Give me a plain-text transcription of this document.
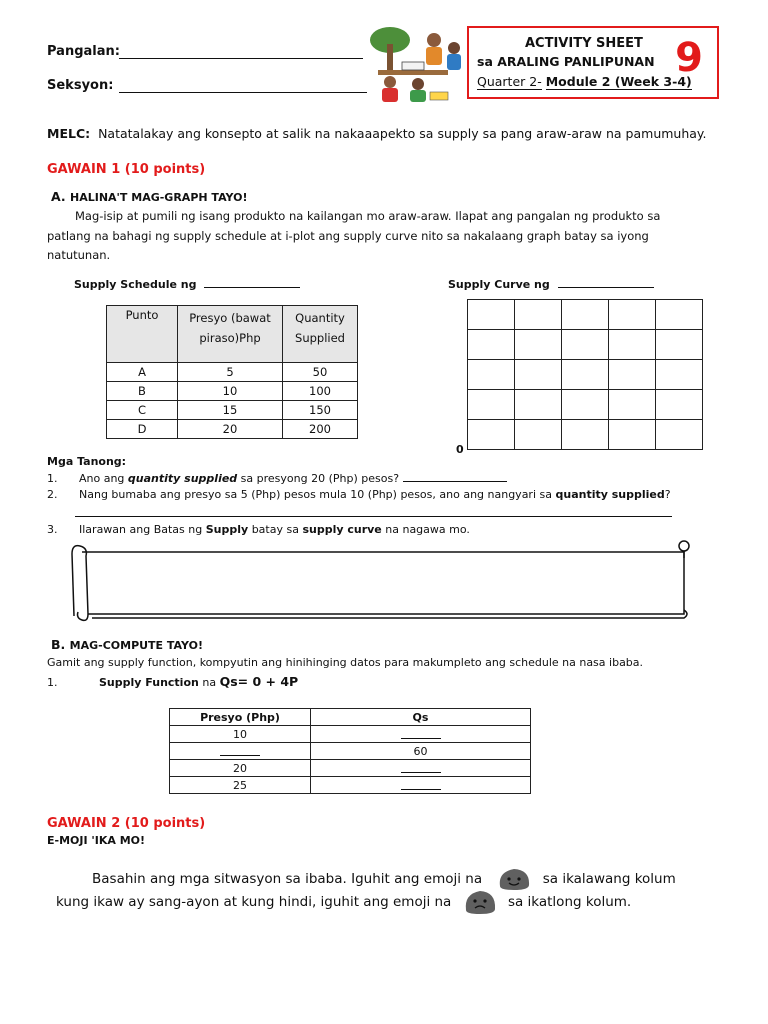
Pangalan:
Seksyon:
ACTIVITY SHEET
sa ARALING PANLIPUNAN
Quarter 2- Module 2 (Week 3-4)
9
MELC: Natatalakay ang konsepto at salik na nakaaapekto sa supply sa pang araw-araw na pamumuhay.
GAWAIN 1 (10 points)
A. HALINA'T MAG-GRAPH TAYO!
Mag-isip at pumili ng isang produkto na kailangan mo araw-araw. Ilapat ang pangalan ng produkto sa
patlang na bahagi ng supply schedule at i-plot ang supply curve nito sa nakalaang graph batay sa iyong
natutunan.
Supply Schedule ng	Supply Curve ng
Punto	Presyo (bawat piraso)Php	Quantity Supplied
A	5	50
B	10	100
C	15	150
D	20	200

0
Mga Tanong:
1. Ano ang quantity supplied sa presyong 20 (Php) pesos?
2. Nang bumaba ang presyo sa 5 (Php) pesos mula 10 (Php) pesos, ano ang nangyari sa quantity supplied?
3. Ilarawan ang Batas ng Supply batay sa supply curve na nagawa mo.
B. MAG-COMPUTE TAYO!
Gamit ang supply function, kompyutin ang hinihinging datos para makumpleto ang schedule na nasa ibaba.
1.	Supply Function na Qs= 0 + 4P
Presyo (Php)	Qs
10	
	60
20	
25	
GAWAIN 2 (10 points)
E-MOJI 'IKA MO!
Basahin ang mga sitwasyon sa ibaba. Iguhit ang emoji na	sa ikalawang kolum
kung ikaw ay sang-ayon at kung hindi, iguhit ang emoji na	sa ikatlong kolum.
